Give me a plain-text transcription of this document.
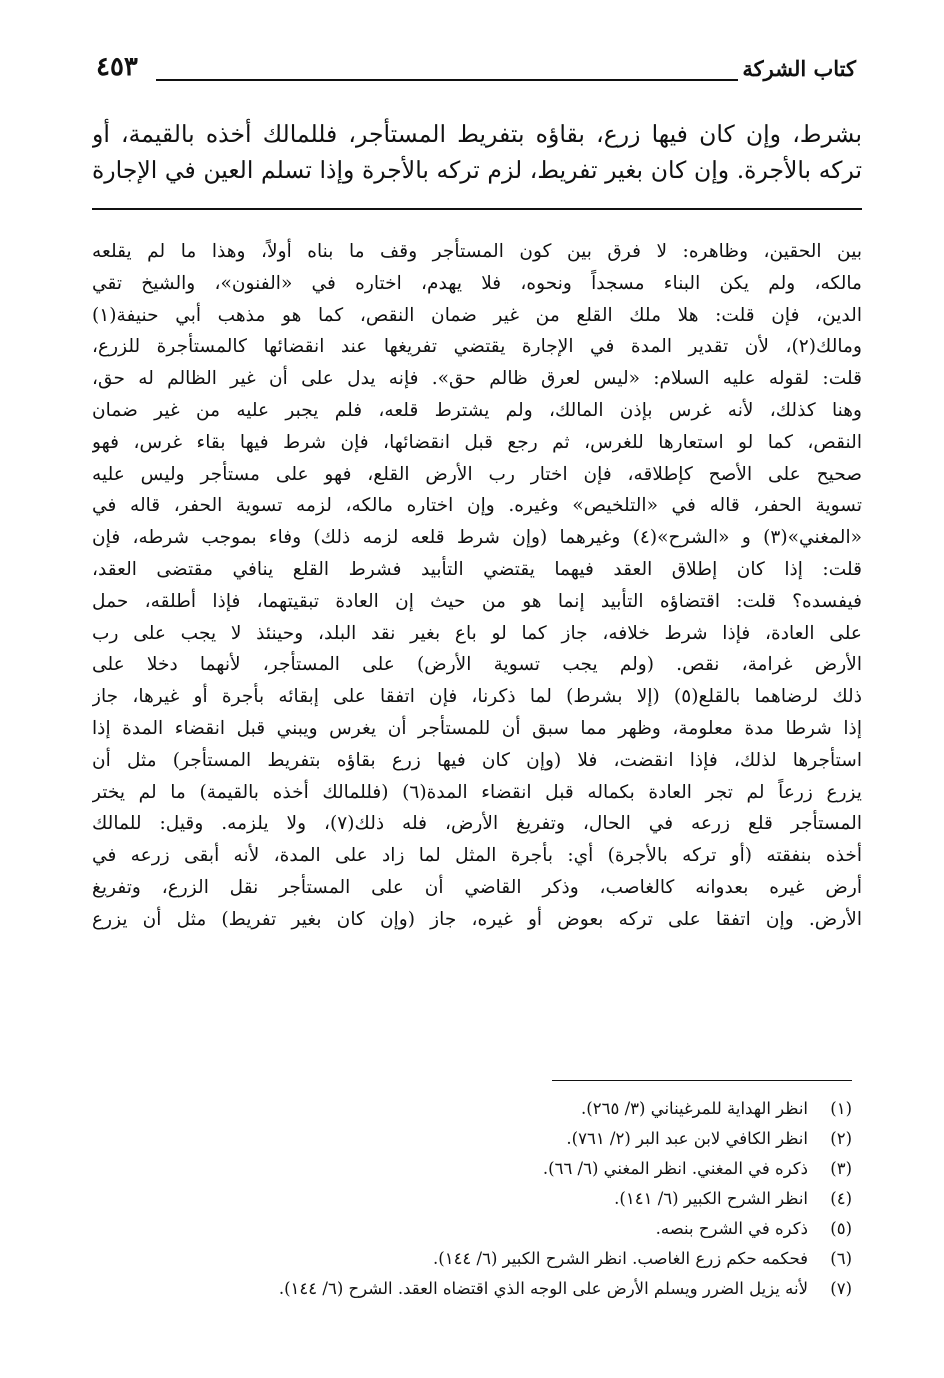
كتاب الشركة
٤٥٣
بشرط، وإن كان فيها زرع، بقاؤه بتفريط المستأجر، فللمالك أخذه بالقيمة، أو
تركه بالأجرة. وإن كان بغير تفريط، لزم تركه بالأجرة وإذا تسلم العين في الإجارة
بين الحقين، وظاهره: لا فرق بين كون المستأجر وقف ما بناه أولاً، وهذا ما لم يقلعه
مالكه، ولم يكن البناء مسجداً ونحوه، فلا يهدم، اختاره في «الفنون»، والشيخ تقي
الدين، فإن قلت: هلا ملك القلع من غير ضمان النقص، كما هو مذهب أبي حنيفة(١)
ومالك(٢)، لأن تقدير المدة في الإجارة يقتضي تفريغها عند انقضائها كالمستأجرة للزرع،
قلت: لقوله عليه السلام: «ليس لعرق ظالم حق». فإنه يدل على أن غير الظالم له حق،
وهنا كذلك، لأنه غرس بإذن المالك، ولم يشترط قلعه، فلم يجبر عليه من غير ضمان
النقص، كما لو استعارها للغرس، ثم رجع قبل انقضائها، فإن شرط فيها بقاء غرس، فهو
صحيح على الأصح كإطلاقه، فإن اختار رب الأرض القلع، فهو على مستأجر وليس عليه
تسوية الحفر، قاله في «التلخيص» وغيره. وإن اختاره مالكه، لزمه تسوية الحفر، قاله في
«المغني»(٣) و «الشرح»(٤) وغيرهما (وإن شرط قلعه لزمه ذلك) وفاء بموجب شرطه، فإن
قلت: إذا كان إطلاق العقد فيهما يقتضي التأبيد فشرط القلع ينافي مقتضى العقد،
فيفسده؟ قلت: اقتضاؤه التأبيد إنما هو من حيث إن العادة تبقيتهما، فإذا أطلقه، حمل
على العادة، فإذا شرط خلافه، جاز كما لو باع بغير نقد البلد، وحينئذ لا يجب على رب
الأرض غرامة، نقص. (ولم يجب تسوية الأرض) على المستأجر، لأنهما دخلا على
ذلك لرضاهما بالقلع(٥) (إلا بشرط) لما ذكرنا، فإن اتفقا على إبقائه بأجرة أو غيرها، جاز
إذا شرطا مدة معلومة، وظهر مما سبق أن للمستأجر أن يغرس ويبني قبل انقضاء المدة إذا
استأجرها لذلك، فإذا انقضت، فلا (وإن كان فيها زرع بقاؤه بتفريط المستأجر) مثل أن
يزرع زرعاً لم تجر العادة بكماله قبل انقضاء المدة(٦) (فللمالك أخذه بالقيمة) ما لم يختر
المستأجر قلع زرعه في الحال، وتفريغ الأرض، فله ذلك(٧)، ولا يلزمه. وقيل: للمالك
أخذه بنفقته (أو تركه بالأجرة) أي: بأجرة المثل لما زاد على المدة، لأنه أبقى زرعه في
أرض غيره بعدوانه كالغاصب، وذكر القاضي أن على المستأجر نقل الزرع، وتفريغ
الأرض. وإن اتفقا على تركه بعوض أو غيره، جاز (وإن كان بغير تفريط) مثل أن يزرع
(١)انظر الهداية للمرغيناني (٣/ ٢٦٥).
(٢)انظر الكافي لابن عبد البر (٢/ ٧٦١).
(٣)ذكره في المغني. انظر المغني (٦/ ٦٦).
(٤)انظر الشرح الكبير (٦/ ١٤١).
(٥)ذكره في الشرح بنصه.
(٦)فحكمه حكم زرع الغاصب. انظر الشرح الكبير (٦/ ١٤٤).
(٧)لأنه يزيل الضرر ويسلم الأرض على الوجه الذي اقتضاه العقد. الشرح (٦/ ١٤٤).
